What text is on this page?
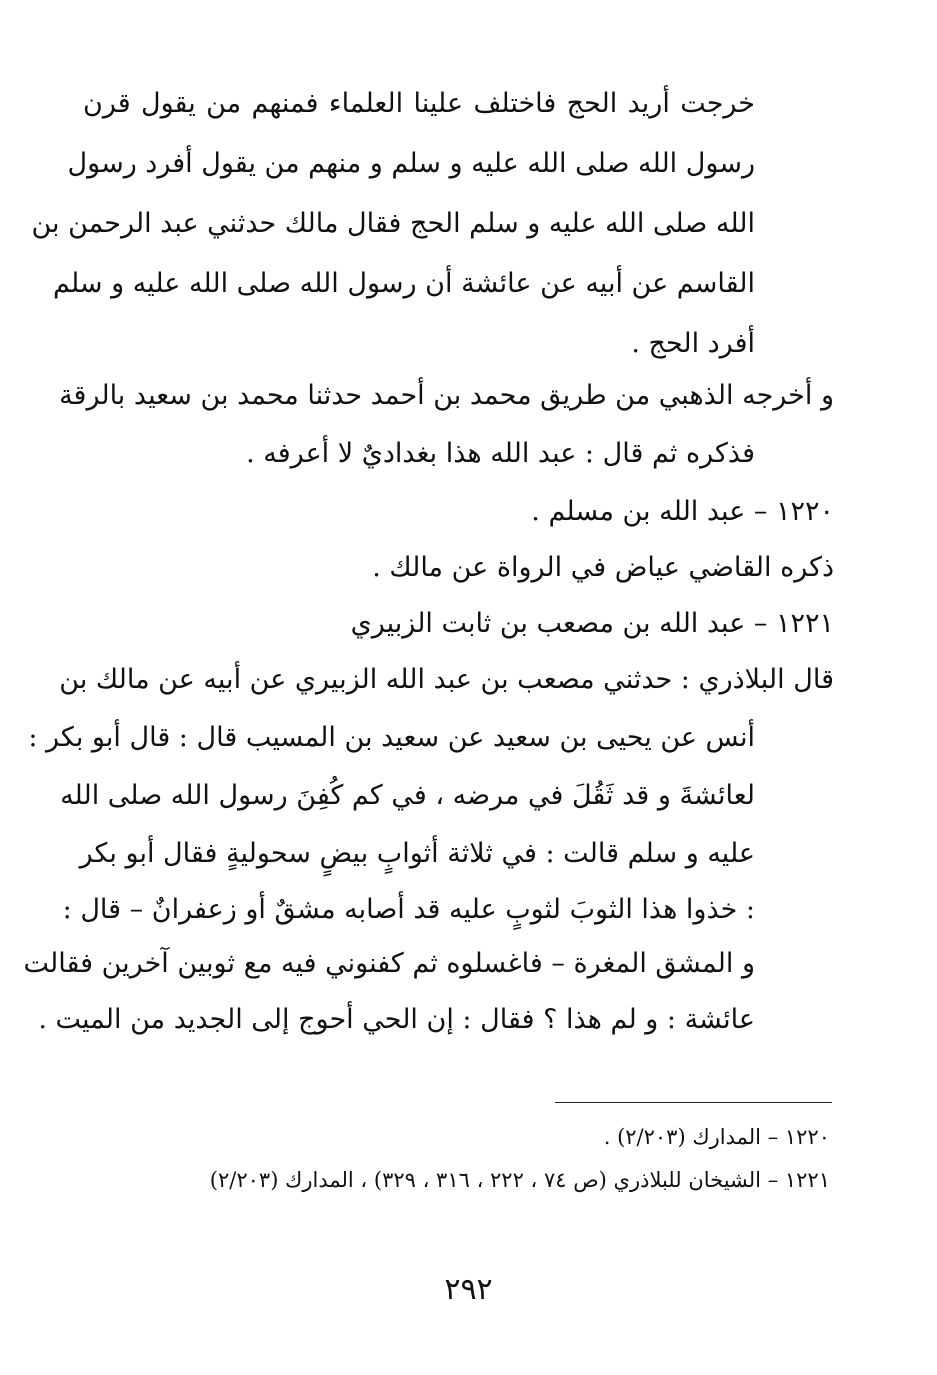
خرجت أريد الحج فاختلف علينا العلماء فمنهم من يقول قرن
رسول الله صلى الله عليه و سلم و منهم من يقول أفرد رسول
الله صلى الله عليه و سلم الحج فقال مالك حدثني عبد الرحمن بن
القاسم عن أبيه عن عائشة أن رسول الله صلى الله عليه و سلم
أفرد الحج .
و أخرجه الذهبي من طريق محمد بن أحمد حدثنا محمد بن سعيد بالرقة
فذكره ثم قال : عبد الله هذا بغداديٌ لا أعرفه .
١٢٢٠ – عبد الله بن مسلم .
ذكره القاضي عياض في الرواة عن مالك .
١٢٢١ – عبد الله بن مصعب بن ثابت الزبيري
قال البلاذري : حدثني مصعب بن عبد الله الزبيري عن أبيه عن مالك بن
أنس عن يحيى بن سعيد عن سعيد بن المسيب قال : قال أبو بكر :
لعائشةَ و قد ثَقُلَ في مرضه ، في كم كُفِنَ رسول الله صلى الله
عليه و سلم قالت : في ثلاثة أثوابٍ بيضٍ سحوليةٍ فقال أبو بكر
: خذوا هذا الثوبَ لثوبٍ عليه قد أصابه مشقٌ أو زعفرانٌ – قال :
و المشق المغرة – فاغسلوه ثم كفنوني فيه مع ثوبين آخرين فقالت
عائشة : و لم هذا ؟ فقال : إن الحي أحوج إلى الجديد من الميت .
١٢٢٠ – المدارك (٢/٢٠٣) .
١٢٢١ – الشيخان للبلاذري (ص ٧٤ ، ٢٢٢ ، ٣١٦ ، ٣٢٩) ، المدارك (٢/٢٠٣)
٢٩٢
